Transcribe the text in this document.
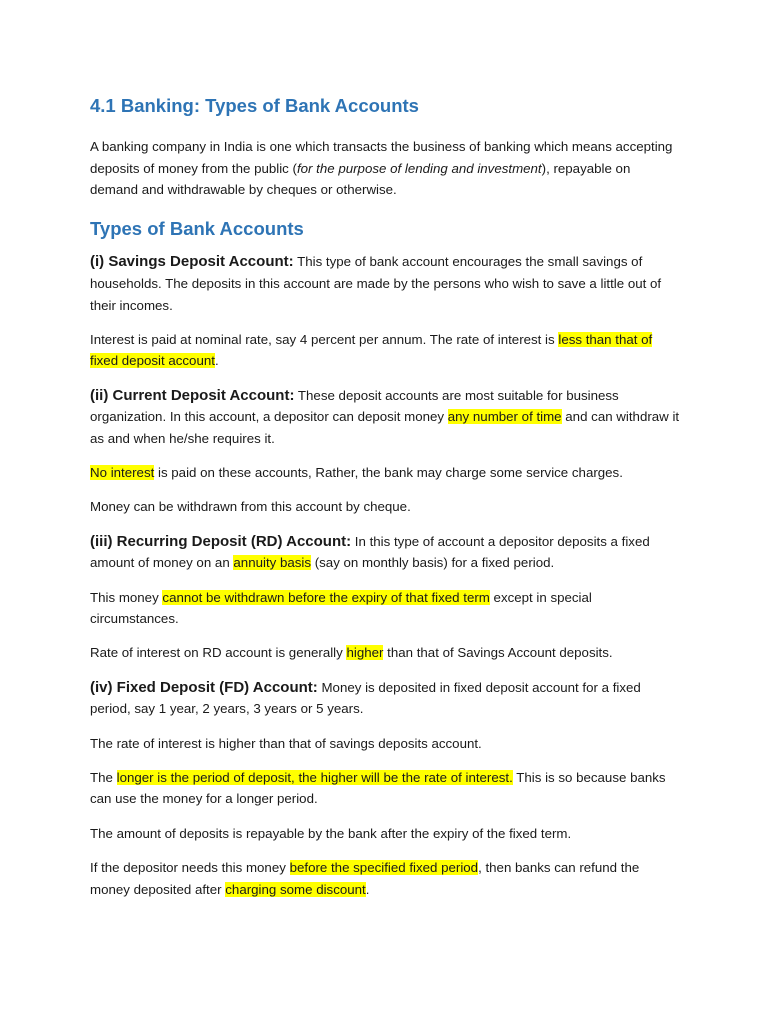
4.1 Banking: Types of Bank Accounts

A banking company in India is one which transacts the business of banking which means accepting deposits of money from the public (for the purpose of lending and investment), repayable on demand and withdrawable by cheques or otherwise.

Types of Bank Accounts

(i) Savings Deposit Account: This type of bank account encourages the small savings of households. The deposits in this account are made by the persons who wish to save a little out of their incomes.

Interest is paid at nominal rate, say 4 percent per annum. The rate of interest is less than that of fixed deposit account.

(ii) Current Deposit Account: These deposit accounts are most suitable for business organization. In this account, a depositor can deposit money any number of time and can withdraw it as and when he/she requires it.

No interest is paid on these accounts, Rather, the bank may charge some service charges.

Money can be withdrawn from this account by cheque.

(iii) Recurring Deposit (RD) Account: In this type of account a depositor deposits a fixed amount of money on an annuity basis (say on monthly basis) for a fixed period.

This money cannot be withdrawn before the expiry of that fixed term except in special circumstances.

Rate of interest on RD account is generally higher than that of Savings Account deposits.

(iv) Fixed Deposit (FD) Account: Money is deposited in fixed deposit account for a fixed period, say 1 year, 2 years, 3 years or 5 years.

The rate of interest is higher than that of savings deposits account.

The longer is the period of deposit, the higher will be the rate of interest. This is so because banks can use the money for a longer period.

The amount of deposits is repayable by the bank after the expiry of the fixed term.

If the depositor needs this money before the specified fixed period, then banks can refund the money deposited after charging some discount.
